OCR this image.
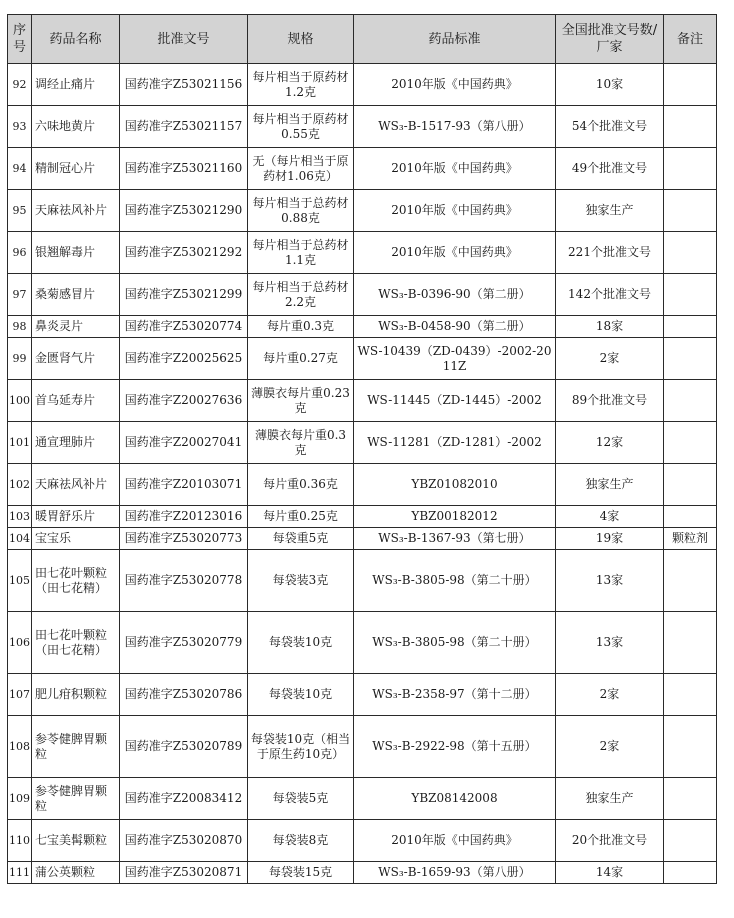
序号	药品名称	批准文号	规格	药品标准	全国批准文号数/厂家	备注
92	调经止痛片	国药准字Z53021156	每片相当于原药材1.2克	2010年版《中国药典》	10家	
93	六味地黄片	国药准字Z53021157	每片相当于原药材0.55克	WS₃-B-1517-93（第八册）	54个批准文号	
94	精制冠心片	国药准字Z53021160	无（每片相当于原药材1.06克）	2010年版《中国药典》	49个批准文号	
95	天麻祛风补片	国药准字Z53021290	每片相当于总药材0.88克	2010年版《中国药典》	独家生产	
96	银翘解毒片	国药准字Z53021292	每片相当于总药材1.1克	2010年版《中国药典》	221个批准文号	
97	桑菊感冒片	国药准字Z53021299	每片相当于总药材2.2克	WS₃-B-0396-90（第二册）	142个批准文号	
98	鼻炎灵片	国药准字Z53020774	每片重0.3克	WS₃-B-0458-90（第二册）	18家	
99	金匮肾气片	国药准字Z20025625	每片重0.27克	WS-10439（ZD-0439）-2002-2011Z	2家	
100	首乌延寿片	国药准字Z20027636	薄膜衣每片重0.23克	WS-11445（ZD-1445）-2002	89个批准文号	
101	通宣理肺片	国药准字Z20027041	薄膜衣每片重0.3克	WS-11281（ZD-1281）-2002	12家	
102	天麻祛风补片	国药准字Z20103071	每片重0.36克	YBZ01082010	独家生产	
103	暖胃舒乐片	国药准字Z20123016	每片重0.25克	YBZ00182012	4家	
104	宝宝乐	国药准字Z53020773	每袋重5克	WS₃-B-1367-93（第七册）	19家	颗粒剂
105	田七花叶颗粒（田七花精）	国药准字Z53020778	每袋装3克	WS₃-B-3805-98（第二十册）	13家	
106	田七花叶颗粒（田七花精）	国药准字Z53020779	每袋装10克	WS₃-B-3805-98（第二十册）	13家	
107	肥儿疳积颗粒	国药准字Z53020786	每袋装10克	WS₃-B-2358-97（第十二册）	2家	
108	参苓健脾胃颗粒	国药准字Z53020789	每袋装10克（相当于原生药10克）	WS₃-B-2922-98（第十五册）	2家	
109	参苓健脾胃颗粒	国药准字Z20083412	每袋装5克	YBZ08142008	独家生产	
110	七宝美髯颗粒	国药准字Z53020870	每袋装8克	2010年版《中国药典》	20个批准文号	
111	蒲公英颗粒	国药准字Z53020871	每袋装15克	WS₃-B-1659-93（第八册）	14家	
